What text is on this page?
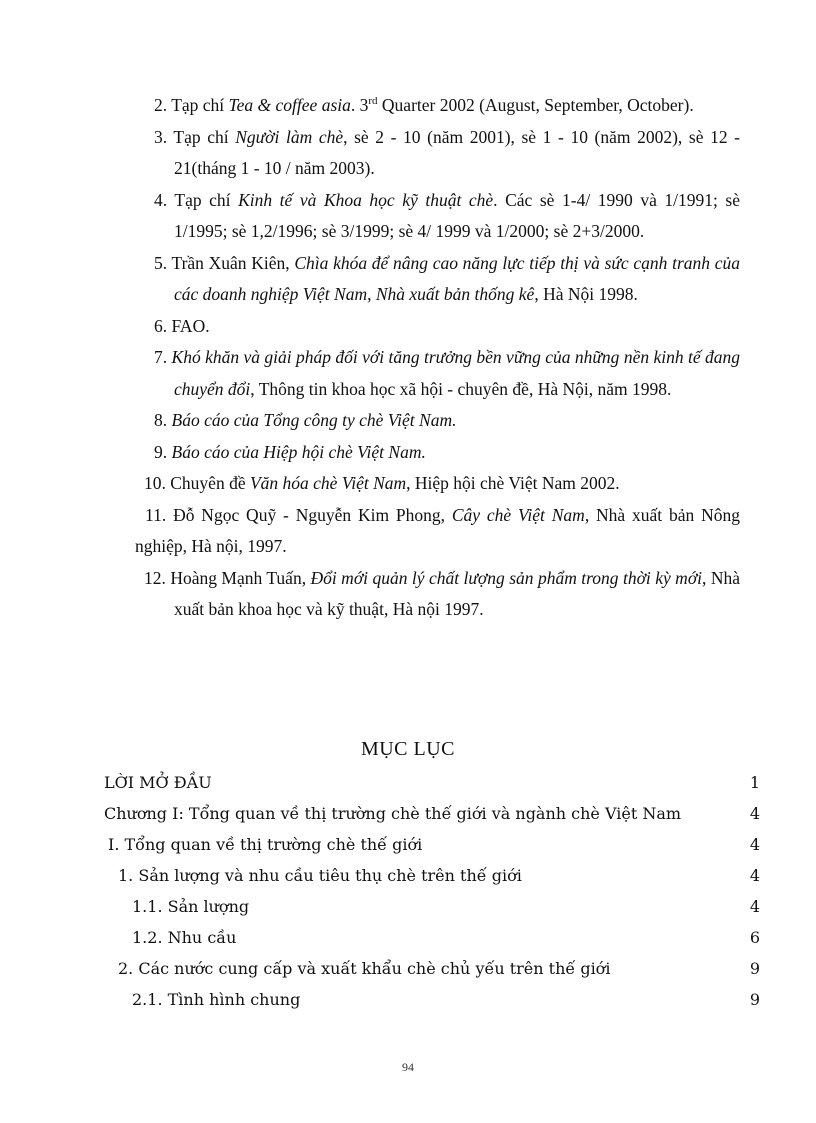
2. Tạp chí Tea & coffee asia. 3rd Quarter 2002 (August, September, October).
3. Tạp chí Người làm chè, sè 2 - 10 (năm 2001), sè 1 - 10 (năm 2002), sè 12 - 21(tháng 1 - 10 / năm 2003).
4. Tạp chí Kinh tế và Khoa học kỹ thuật chè. Các sè 1-4/ 1990 và 1/1991; sè 1/1995; sè 1,2/1996; sè 3/1999; sè 4/ 1999 và 1/2000; sè 2+3/2000.
5. Trần Xuân Kiên, Chìa khóa để nâng cao năng lực tiếp thị và sức cạnh tranh của các doanh nghiệp Việt Nam, Nhà xuất bản thống kê, Hà Nội 1998.
6. FAO.
7. Khó khăn và giải pháp đối với tăng trưởng bền vững của những nền kinh tế đang chuyển đổi, Thông tin khoa học xã hội - chuyên đề, Hà Nội, năm 1998.
8. Báo cáo của Tổng công ty chè Việt Nam.
9. Báo cáo của Hiệp hội chè Việt Nam.
10. Chuyên đề Văn hóa chè Việt Nam, Hiệp hội chè Việt Nam 2002.
11. Đỗ Ngọc Quỹ - Nguyễn Kim Phong, Cây chè Việt Nam, Nhà xuất bản Nông nghiệp, Hà nội, 1997.
12. Hoàng Mạnh Tuấn, Đổi mới quản lý chất lượng sản phẩm trong thời kỳ mới, Nhà xuất bản khoa học và kỹ thuật, Hà nội 1997.
MỤC LỤC
LỜI MỞ ĐẦU	1
Chương I: Tổng quan về thị trường chè thế giới và ngành chè Việt Nam	4
I. Tổng quan về thị trường chè thế giới	4
1. Sản lượng và nhu cầu tiêu thụ chè trên thế giới	4
1.1. Sản lượng	4
1.2. Nhu cầu	6
2. Các nước cung cấp và xuất khẩu chè chủ yếu trên thế giới	9
2.1. Tình hình chung	9
94
